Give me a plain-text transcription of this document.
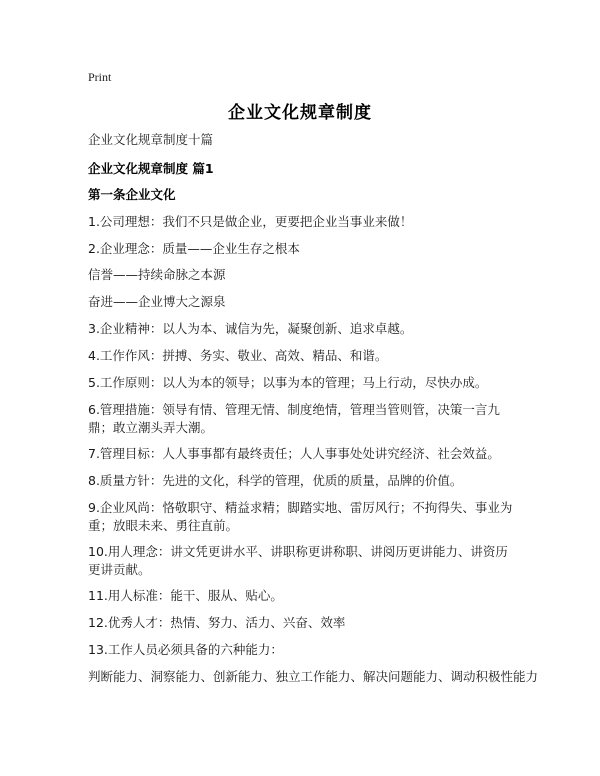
Print
企业文化规章制度
企业文化规章制度十篇
企业文化规章制度 篇1
第一条企业文化
1.公司理想：我们不只是做企业，更要把企业当事业来做！
2.企业理念：质量——企业生存之根本
信誉——持续命脉之本源
奋进——企业博大之源泉
3.企业精神：以人为本、诚信为先，凝聚创新、追求卓越。
4.工作作风：拼搏、务实、敬业、高效、精品、和谐。
5.工作原则：以人为本的领导；以事为本的管理；马上行动，尽快办成。
6.管理措施：领导有情、管理无情、制度绝情，管理当管则管，决策一言九鼎；敢立潮头弄大潮。
7.管理目标：人人事事都有最终责任；人人事事处处讲究经济、社会效益。
8.质量方针：先进的文化，科学的管理，优质的质量，品牌的价值。
9.企业风尚：恪敬职守、精益求精；脚踏实地、雷厉风行；不拘得失、事业为重；放眼未来、勇往直前。
10.用人理念：讲文凭更讲水平、讲职称更讲称职、讲阅历更讲能力、讲资历更讲贡献。
11.用人标准：能干、服从、贴心。
12.优秀人才：热情、努力、活力、兴奋、效率
13.工作人员必须具备的六种能力：
判断能力、洞察能力、创新能力、独立工作能力、解决问题能力、调动积极性能力
